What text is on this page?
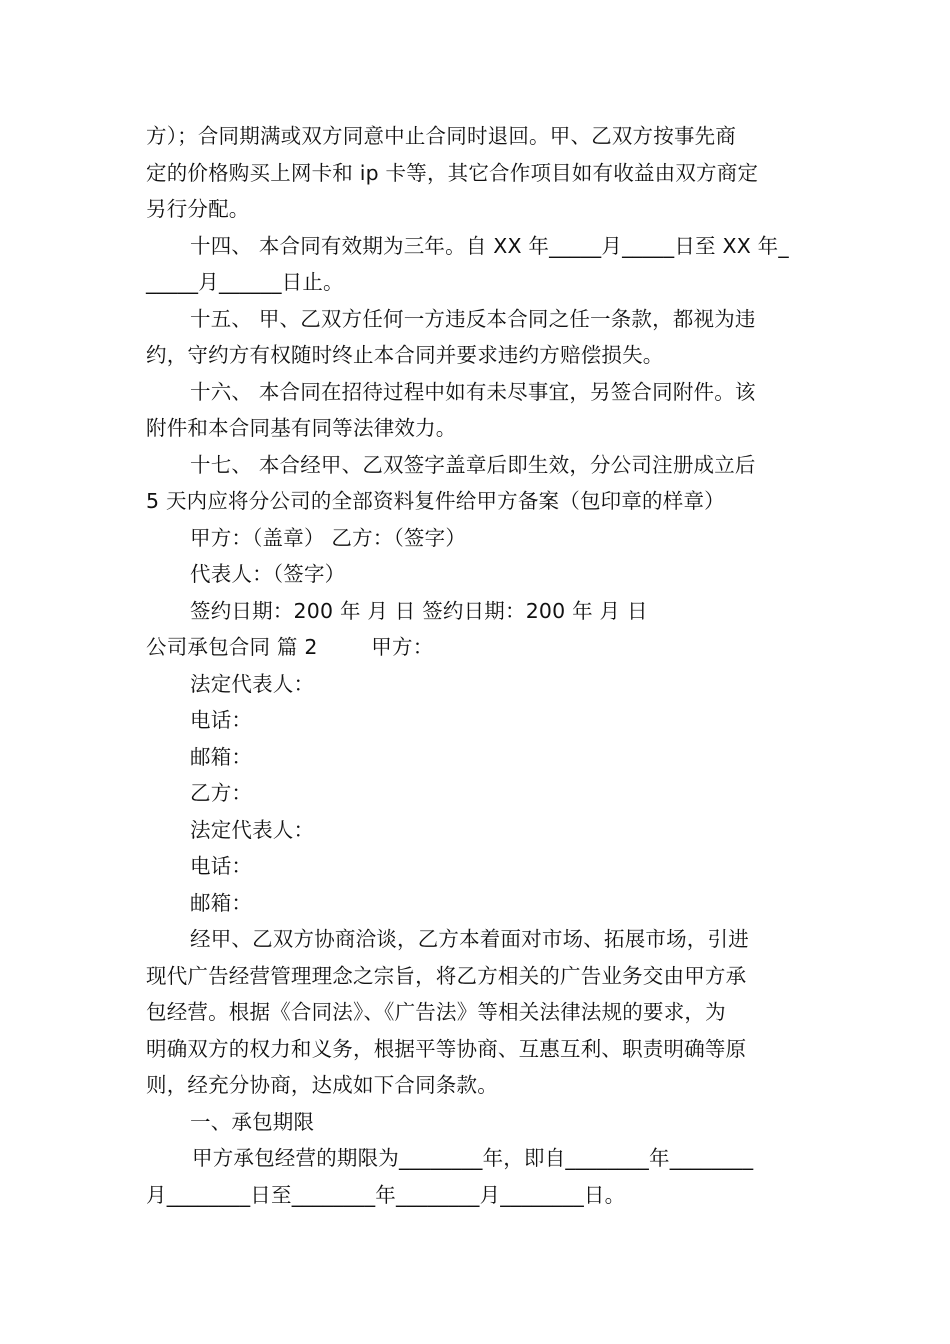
方）；合同期满或双方同意中止合同时退回。甲、乙双方按事先商
定的价格购买上网卡和 ip 卡等，其它合作项目如有收益由双方商定
另行分配。
十四、 本合同有效期为三年。自 XX 年_____月_____日至 XX 年_
_____月______日止。
十五、 甲、乙双方任何一方违反本合同之任一条款，都视为违
约，守约方有权随时终止本合同并要求违约方赔偿损失。
十六、 本合同在招待过程中如有未尽事宜，另签合同附件。该
附件和本合同基有同等法律效力。
十七、 本合经甲、乙双签字盖章后即生效，分公司注册成立后
5 天内应将分公司的全部资料复件给甲方备案（包印章的样章）
甲方：（盖章） 乙方：（签字）
代表人：（签字）
签约日期：200 年 月 日 签约日期：200 年 月 日
公司承包合同 篇 2        甲方：
法定代表人：
电话：
邮箱：
乙方：
法定代表人：
电话：
邮箱：
经甲、乙双方协商洽谈，乙方本着面对市场、拓展市场，引进
现代广告经营管理理念之宗旨，将乙方相关的广告业务交由甲方承
包经营。根据《合同法》、《广告法》等相关法律法规的要求，为
明确双方的权力和义务，根据平等协商、互惠互利、职责明确等原
则，经充分协商，达成如下合同条款。
一、承包期限
甲方承包经营的期限为________年，即自________年________
月________日至________年________月________日。
